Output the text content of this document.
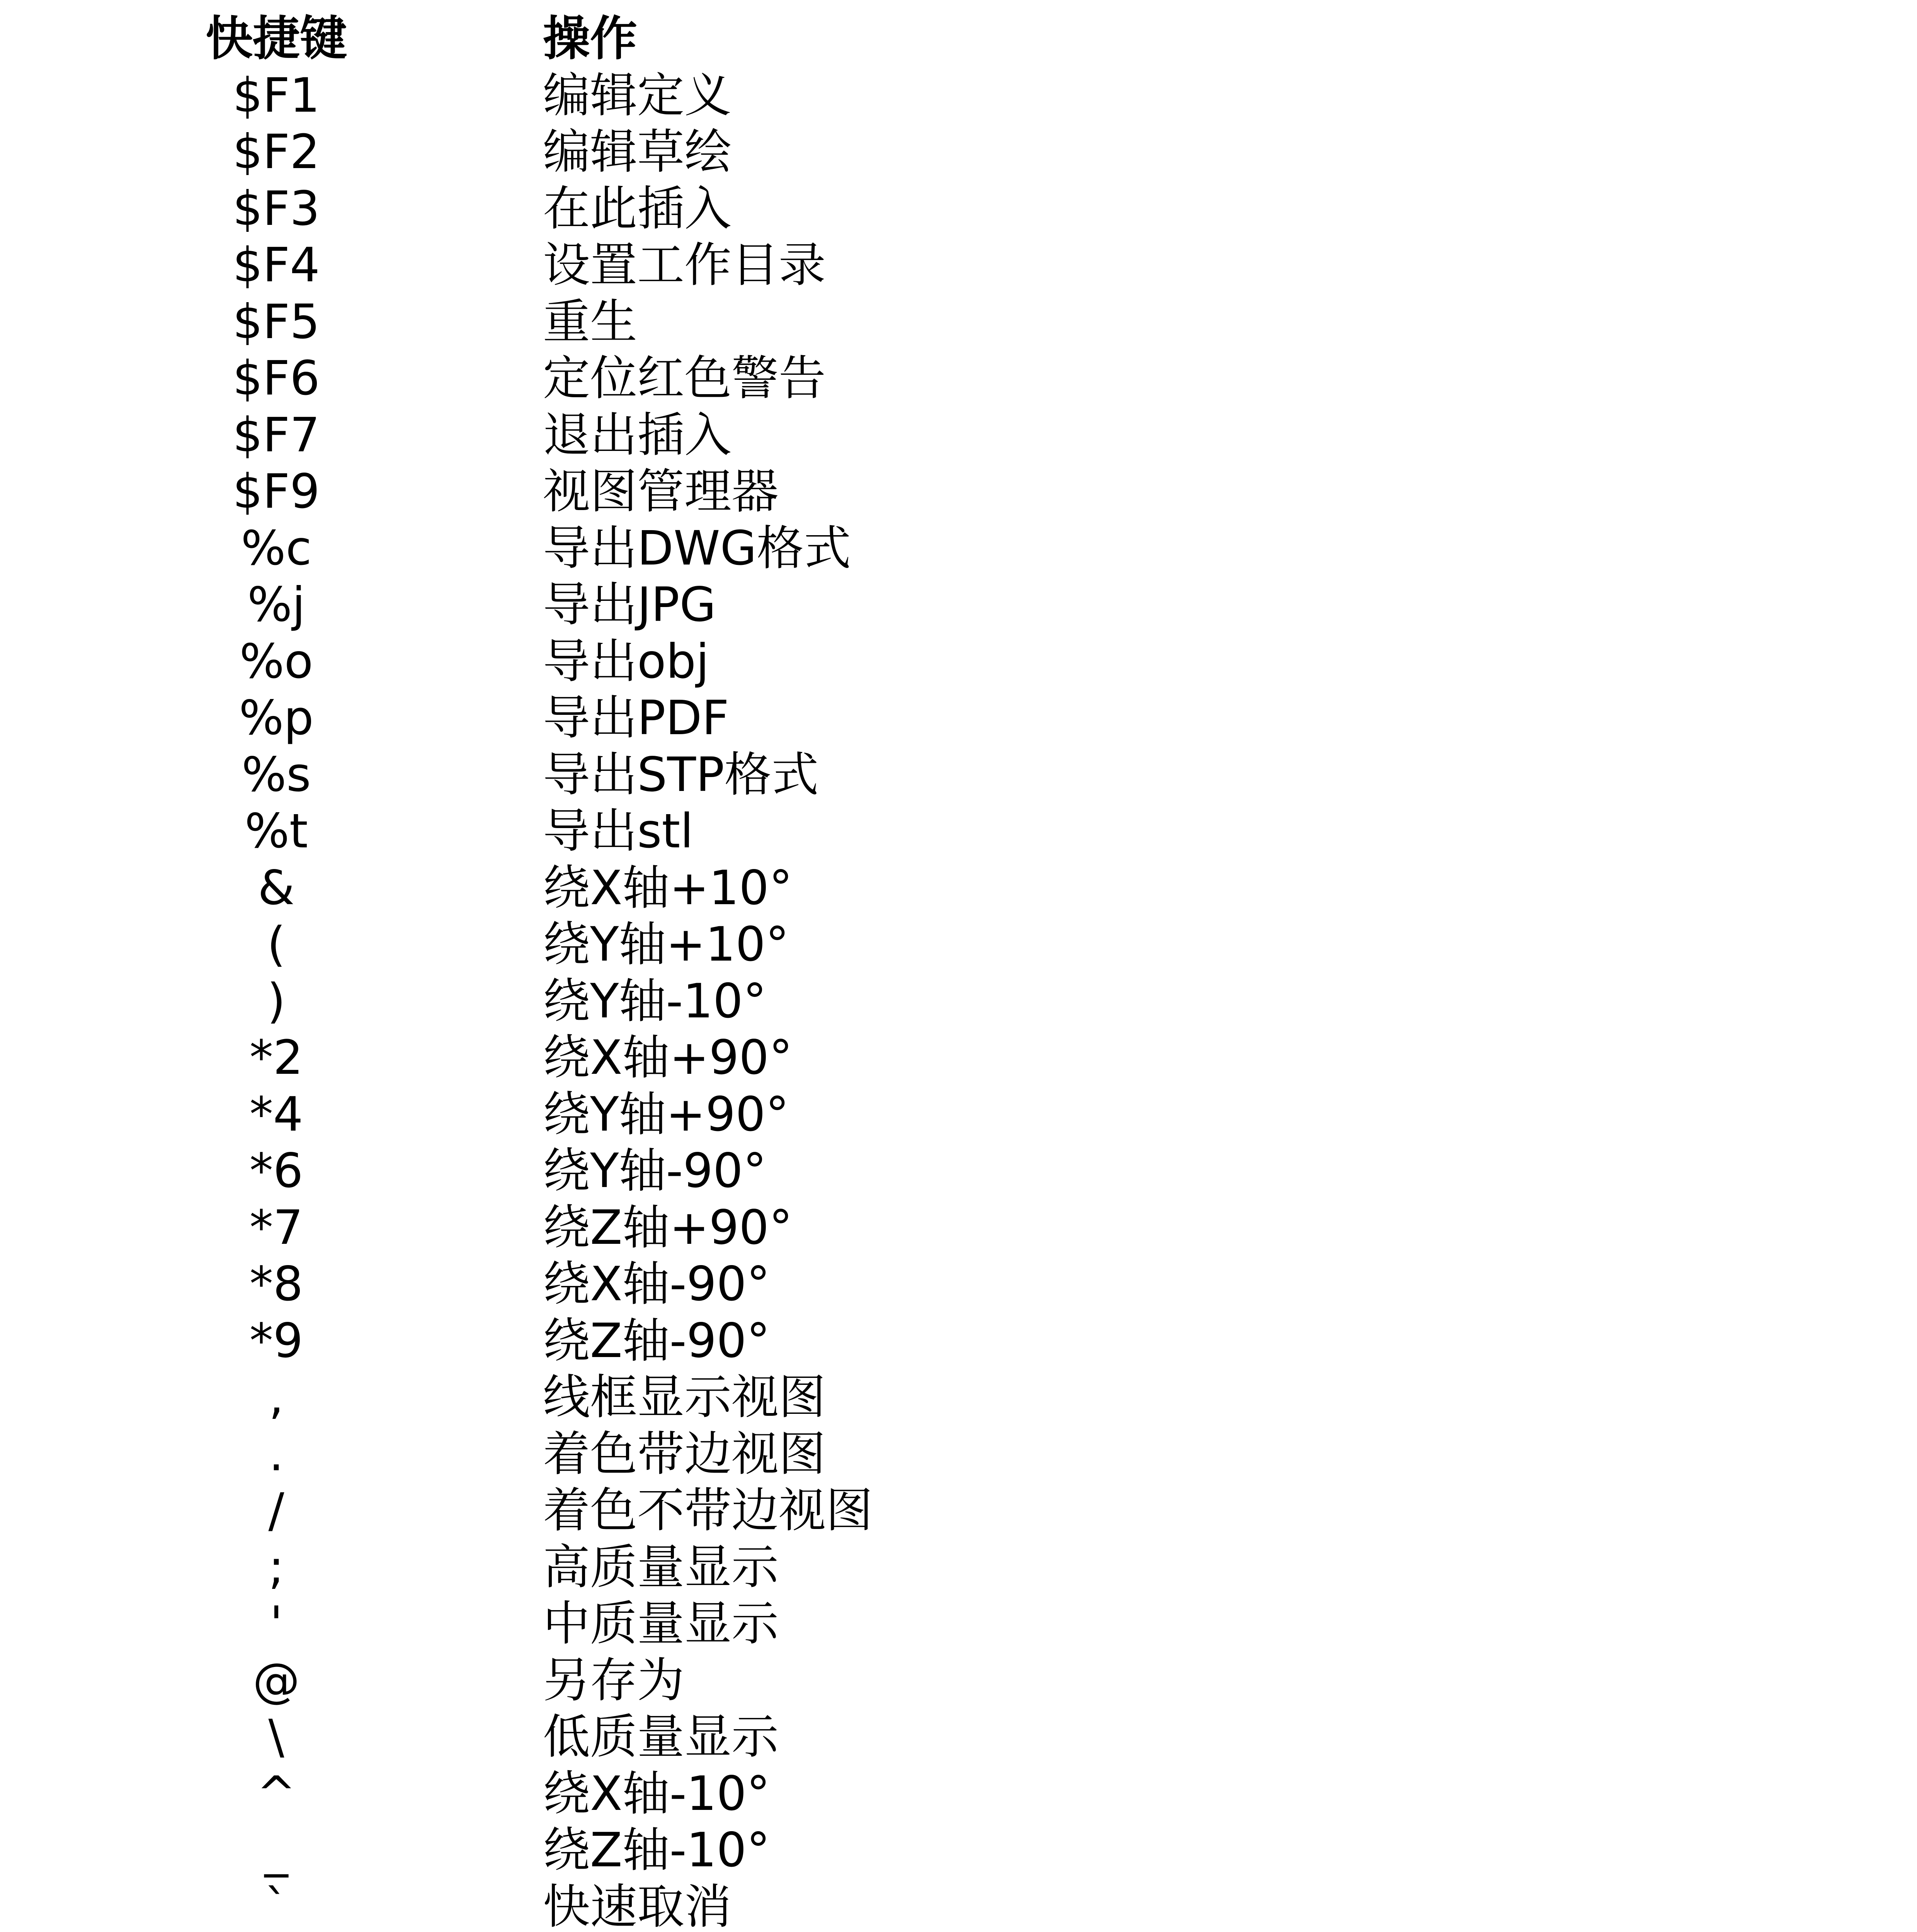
快捷键	操作
$F1	编辑定义
$F2	编辑草绘
$F3	在此插入
$F4	设置工作目录
$F5	重生
$F6	定位红色警告
$F7	退出插入
$F9	视图管理器
%c	导出DWG格式
%j	导出JPG
%o	导出obj
%p	导出PDF
%s	导出STP格式
%t	导出stl
&	绕X轴+10°
(	绕Y轴+10°
)	绕Y轴-10°
*2	绕X轴+90°
*4	绕Y轴+90°
*6	绕Y轴-90°
*7	绕Z轴+90°
*8	绕X轴-90°
*9	绕Z轴-90°
,	线框显示视图
.	着色带边视图
/	着色不带边视图
;	高质量显示
'	中质量显示
@	另存为
\	低质量显示
^	绕X轴-10°
_	绕Z轴-10°
`	快速取消
